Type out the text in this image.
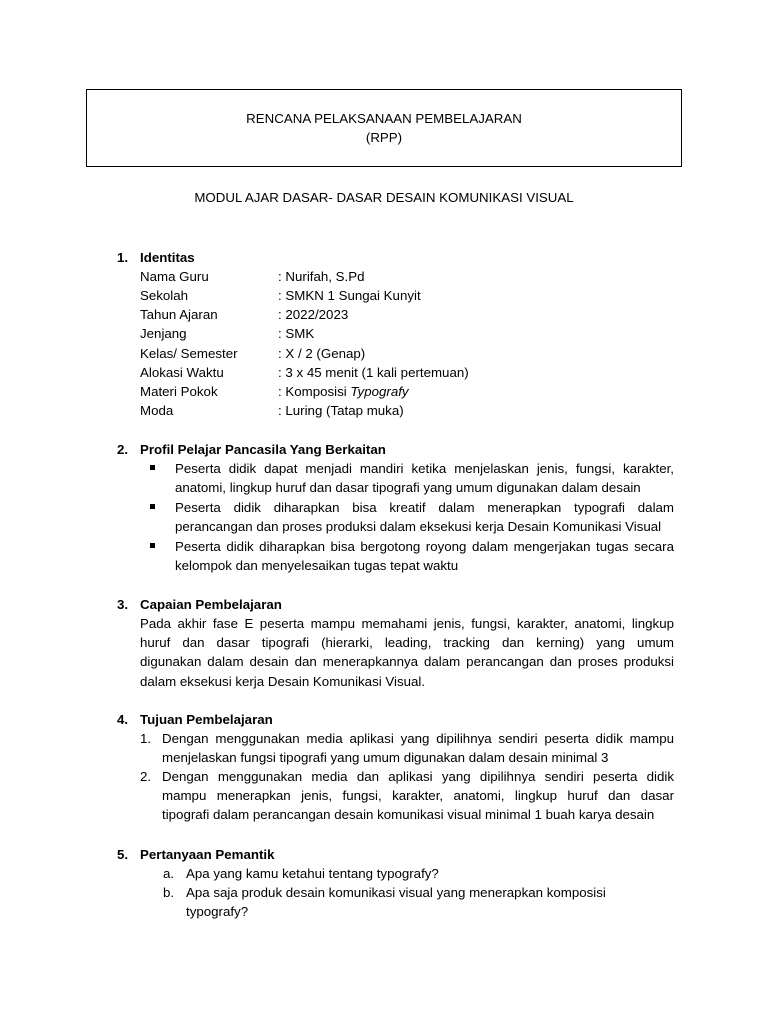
RENCANA PELAKSANAAN PEMBELAJARAN
(RPP)
MODUL AJAR DASAR- DASAR DESAIN KOMUNIKASI VISUAL
1. Identitas
Nama Guru	: Nurifah, S.Pd
Sekolah	: SMKN 1 Sungai Kunyit
Tahun Ajaran	: 2022/2023
Jenjang	: SMK
Kelas/ Semester	: X / 2 (Genap)
Alokasi Waktu	: 3 x 45 menit (1 kali pertemuan)
Materi Pokok	: Komposisi Typografy
Moda	: Luring (Tatap muka)
2. Profil Pelajar Pancasila Yang Berkaitan
Peserta didik dapat menjadi mandiri ketika menjelaskan jenis, fungsi, karakter,
anatomi, lingkup huruf dan dasar tipografi yang umum digunakan dalam desain
Peserta didik diharapkan bisa kreatif dalam menerapkan typografi dalam
perancangan dan proses produksi dalam eksekusi kerja Desain Komunikasi Visual
Peserta didik diharapkan bisa bergotong royong dalam mengerjakan tugas secara
kelompok dan menyelesaikan tugas tepat waktu
3. Capaian Pembelajaran
Pada akhir fase E peserta mampu memahami jenis, fungsi, karakter, anatomi, lingkup
huruf dan dasar tipografi (hierarki, leading, tracking dan kerning) yang umum
digunakan dalam desain dan menerapkannya dalam perancangan dan proses produksi
dalam eksekusi kerja Desain Komunikasi Visual.
4. Tujuan Pembelajaran
1. Dengan menggunakan media aplikasi yang dipilihnya sendiri peserta didik mampu
menjelaskan fungsi tipografi yang umum digunakan dalam desain minimal 3
2. Dengan menggunakan media dan aplikasi yang dipilihnya sendiri peserta didik
mampu menerapkan jenis, fungsi, karakter, anatomi, lingkup huruf dan dasar
tipografi dalam perancangan desain komunikasi visual minimal 1 buah karya desain
5. Pertanyaan Pemantik
a. Apa yang kamu ketahui tentang typografy?
b. Apa saja produk desain komunikasi visual yang menerapkan komposisi
typografy?
